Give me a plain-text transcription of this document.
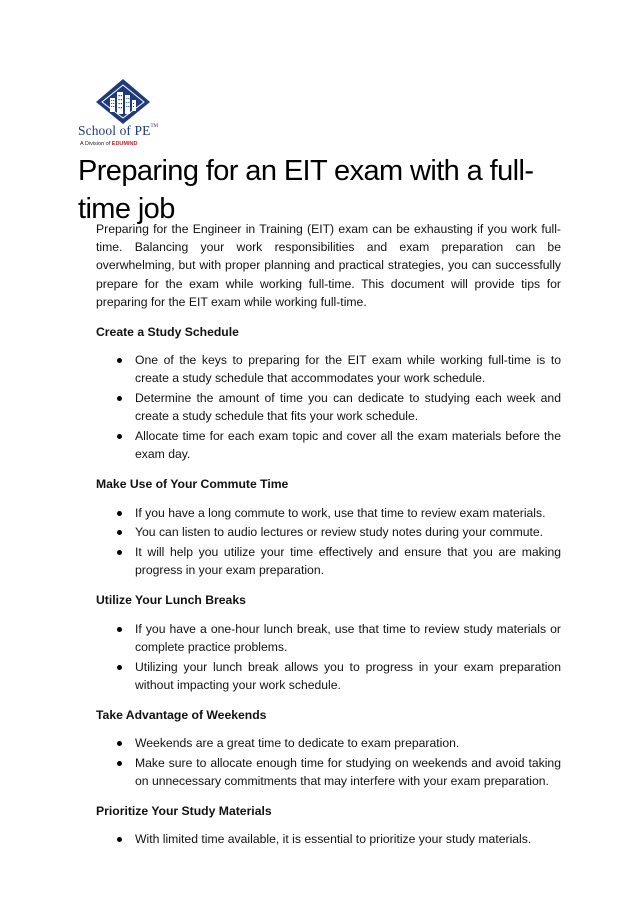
School of PE™
A Division of EDUMIND
Preparing for an EIT exam with a full-time job

Preparing for the Engineer in Training (EIT) exam can be exhausting if you work full-time. Balancing your work responsibilities and exam preparation can be overwhelming, but with proper planning and practical strategies, you can successfully prepare for the exam while working full-time. This document will provide tips for preparing for the EIT exam while working full-time.

Create a Study Schedule

One of the keys to preparing for the EIT exam while working full-time is to create a study schedule that accommodates your work schedule.
Determine the amount of time you can dedicate to studying each week and create a study schedule that fits your work schedule.
Allocate time for each exam topic and cover all the exam materials before the exam day.

Make Use of Your Commute Time

If you have a long commute to work, use that time to review exam materials.
You can listen to audio lectures or review study notes during your commute.
It will help you utilize your time effectively and ensure that you are making progress in your exam preparation.

Utilize Your Lunch Breaks

If you have a one-hour lunch break, use that time to review study materials or complete practice problems.
Utilizing your lunch break allows you to progress in your exam preparation without impacting your work schedule.

Take Advantage of Weekends

Weekends are a great time to dedicate to exam preparation.
Make sure to allocate enough time for studying on weekends and avoid taking on unnecessary commitments that may interfere with your exam preparation.

Prioritize Your Study Materials

With limited time available, it is essential to prioritize your study materials.
